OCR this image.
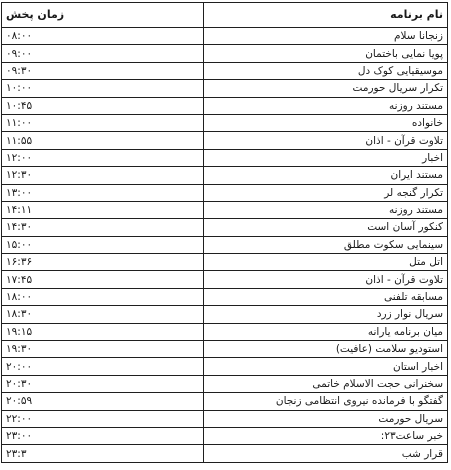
نام برنامه	زمان پخش
زنجانا سلام	۰۸:۰۰
پویا نمایی باختمان	۰۹:۰۰
موسیقیایی کوک دل	۰۹:۳۰
تکرار سریال حورمت	۱۰:۰۰
مستند روزنه	۱۰:۴۵
خانواده	۱۱:۰۰
تلاوت قرآن - اذان	۱۱:۵۵
اخبار	۱۲:۰۰
مستند ایران	۱۲:۳۰
تکرار گنجه لر	۱۳:۰۰
مستند روزنه	۱۴:۱۱
کنکور آسان است	۱۴:۳۰
سینمایی سکوت مطلق	۱۵:۰۰
اتل متل	۱۶:۳۶
تلاوت قرآن - اذان	۱۷:۴۵
مسابقه تلفنی	۱۸:۰۰
سریال نوار زرد	۱۸:۳۰
میان برنامه یارانه	۱۹:۱۵
استودیو سلامت (عافیت)	۱۹:۳۰
اخبار استان	۲۰:۰۰
سخنرانی حجت الاسلام خاتمی	۲۰:۳۰
گفتگو با فرمانده نیروی انتظامی زنجان	۲۰:۵۹
سریال حورمت	۲۲:۰۰
خبر ساعت۲۳:	۲۳:۰۰
قرار شب	۲۳:۳
